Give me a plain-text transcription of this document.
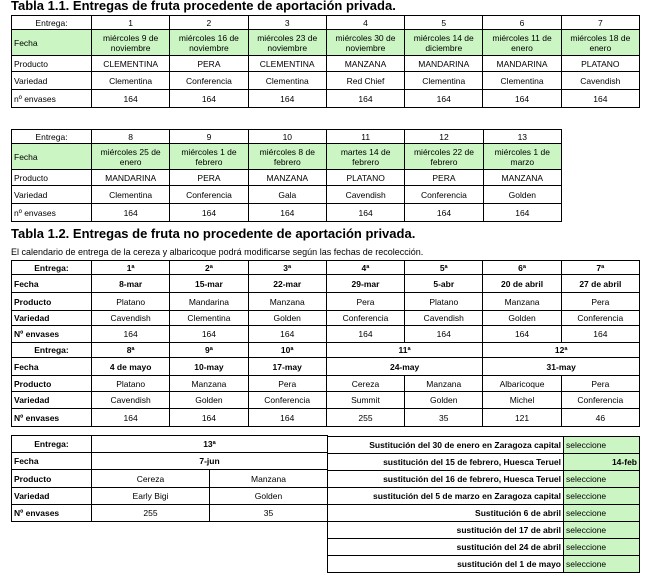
Tabla 1.1. Entregas de fruta procedente de aportación privada.
Entrega:	1	2	3	4	5	6	7
Fecha	miércoles 9 de noviembre	miércoles 16 de noviembre	miércoles 23 de noviembre	miércoles 30 de noviembre	miércoles 14 de diciembre	miércoles 11 de enero	miércoles 18 de enero
Producto	CLEMENTINA	PERA	CLEMENTINA	MANZANA	MANDARINA	MANDARINA	PLATANO
Variedad	Clementina	Conferencia	Clementina	Red Chief	Clementina	Clementina	Cavendish
nº envases	164	164	164	164	164	164	164
Entrega:	8	9	10	11	12	13
Fecha	miércoles 25 de enero	miércoles 1 de febrero	miércoles 8 de febrero	martes 14 de febrero	miércoles 22 de febrero	miércoles 1 de marzo
Producto	MANDARINA	PERA	MANZANA	PLATANO	PERA	MANZANA
Variedad	Clementina	Conferencia	Gala	Cavendish	Conferencia	Golden
nº envases	164	164	164	164	164	164
Tabla 1.2. Entregas de fruta no procedente de aportación privada.
El calendario de entrega de la cereza y albaricoque podrá modificarse según las fechas de recolección.
Entrega:	1ª	2ª	3ª	4ª	5ª	6ª	7ª
Fecha	8-mar	15-mar	22-mar	29-mar	5-abr	20 de abril	27 de abril
Producto	Platano	Mandarina	Manzana	Pera	Platano	Manzana	Pera
Variedad	Cavendish	Clementina	Golden	Conferencia	Cavendish	Golden	Conferencia
Nº envases	164	164	164	164	164	164	164
Entrega:	8ª	9ª	10ª	11ª		12ª	
Fecha	4 de mayo	10-may	17-may	24-may		31-may	
Producto	Platano	Manzana	Pera	Cereza	Manzana	Albaricoque	Pera
Variedad	Cavendish	Golden	Conferencia	Summit	Golden	Michel	Conferencia
Nº envases	164	164	164	255	35	121	46
Entrega:	13ª	
Fecha	7-jun	
Producto	Cereza	Manzana
Variedad	Early Bigi	Golden
Nº envases	255	35
Sustitución del 30 de enero en Zaragoza capital	seleccione
sustitución del 15 de febrero, Huesca Teruel	14-feb
sustitución del 16 de febrero, Huesca Teruel	seleccione
sustitución del 5 de marzo en Zaragoza capital	seleccione
Sustitución 6 de abril	seleccione
sustitución del 17 de abril	seleccione
sustitución del 24 de abril	seleccione
sustitución del 1 de mayo	seleccione
